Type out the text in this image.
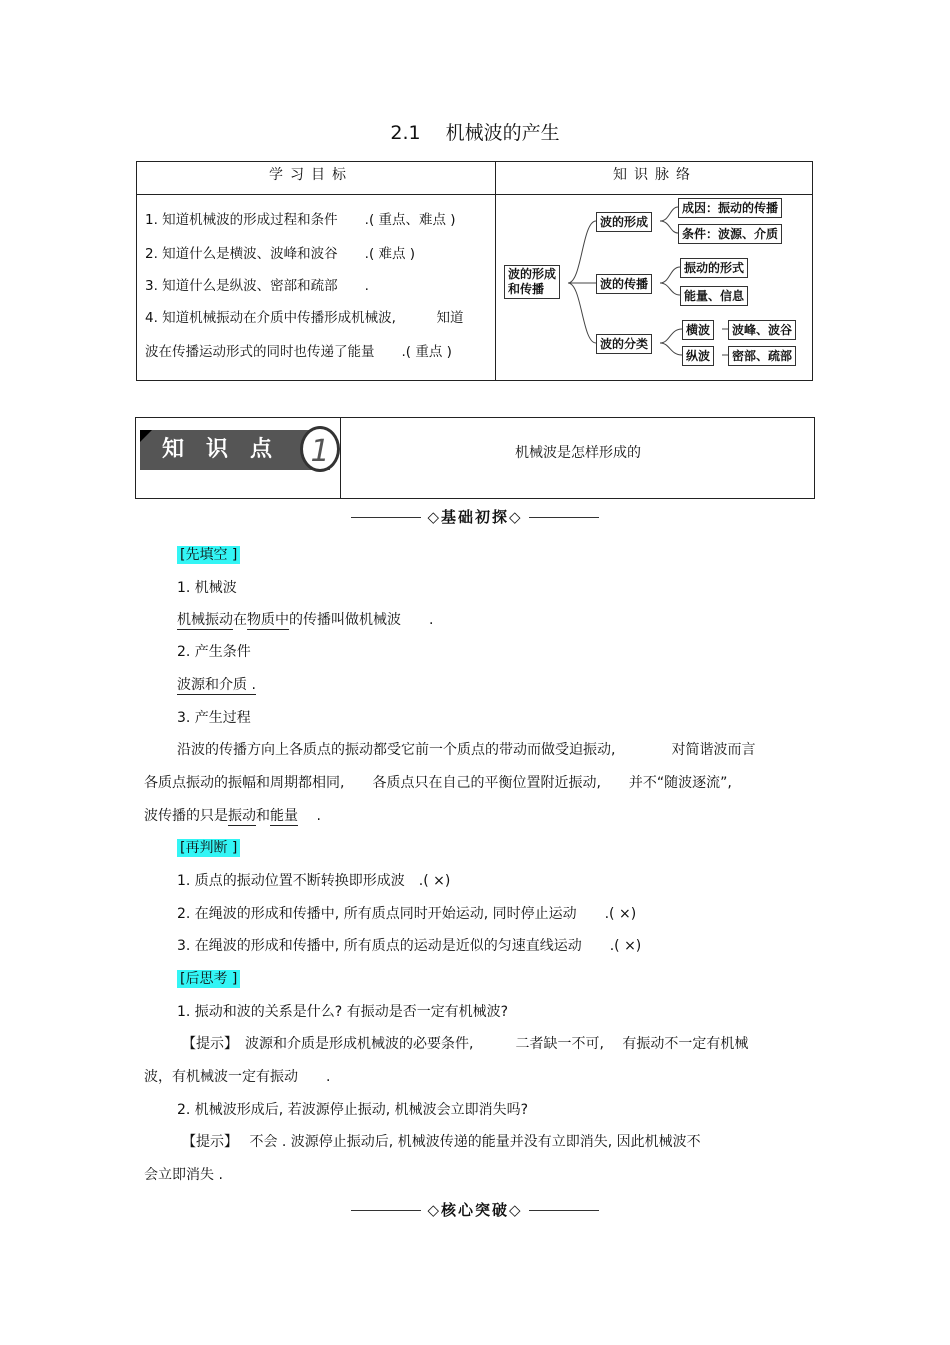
2.1　 机械波的产生
学习目标	知识脉络
1. 知道机械波的形成过程和条件　　.( 重点、难点 )
2. 知道什么是横波、波峰和波谷　　.( 难点 )
3. 知道什么是纵波、密部和疏部　　.
4. 知道机械振动在介质中传播形成机械波,　　　知道
波在传播运动形式的同时也传递了能量　　.( 重点 )
波的形成
和传播
波的形成
波的传播
波的分类
成因：振动的传播
条件：波源、介质
振动的形式
能量、信息
横波
纵波
波峰、波谷
密部、疏部
知识点 1	机械波是怎样形成的
◇基础初探◇
[先填空 ]
1. 机械波
机械振动在物质中的传播叫做机械波　　.
2. 产生条件
波源和介质 .
3. 产生过程
沿波的传播方向上各质点的振动都受它前一个质点的带动而做受迫振动,　　　　对简谐波而言
各质点振动的振幅和周期都相同,　　各质点只在自己的平衡位置附近振动,　　并不“随波逐流”,
波传播的只是振动和能量　 .
[再判断 ]
1. 质点的振动位置不断转换即形成波　.( ×)
2. 在绳波的形成和传播中, 所有质点同时开始运动, 同时停止运动　　.( ×)
3. 在绳波的形成和传播中, 所有质点的运动是近似的匀速直线运动　　.( ×)
[后思考 ]
1. 振动和波的关系是什么? 有振动是否一定有机械波?
【提示】　波源和介质是形成机械波的必要条件,　　　二者缺一不可,　 有振动不一定有机械
波，有机械波一定有振动　　.
2. 机械波形成后, 若波源停止振动, 机械波会立即消失吗?
【提示】　 不会 . 波源停止振动后, 机械波传递的能量并没有立即消失, 因此机械波不
会立即消失 .
◇核心突破◇
